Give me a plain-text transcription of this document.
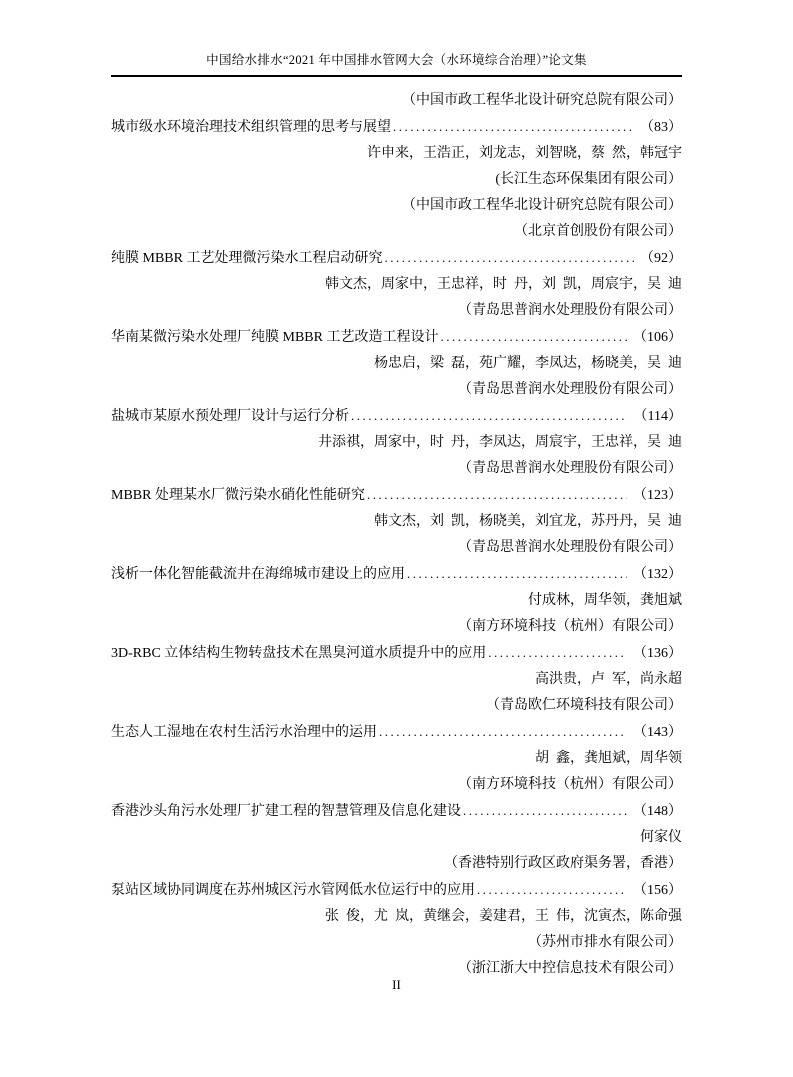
中国给水排水“2021 年中国排水管网大会（水环境综合治理）”论文集
（中国市政工程华北设计研究总院有限公司）
城市级水环境治理技术组织管理的思考与展望 .....	（83）
许申来，王浩正，刘龙志，刘智晓，蔡 然，韩冠宇
(长江生态环保集团有限公司）
（中国市政工程华北设计研究总院有限公司）
（北京首创股份有限公司）
纯膜 MBBR 工艺处理微污染水工程启动研究 .....	（92）
韩文杰，周家中，王忠祥，时 丹，刘 凯，周宸宇，吴 迪
（青岛思普润水处理股份有限公司）
华南某微污染水处理厂纯膜 MBBR 工艺改造工程设计 .....	（106）
杨忠启，梁 磊，苑广耀，李凤达，杨晓美，吴 迪
（青岛思普润水处理股份有限公司）
盐城市某原水预处理厂设计与运行分析 .....	（114）
井添祺，周家中，时 丹，李凤达，周宸宇，王忠祥，吴 迪
（青岛思普润水处理股份有限公司）
MBBR 处理某水厂微污染水硝化性能研究 .....	（123）
韩文杰，刘 凯，杨晓美，刘宜龙，苏丹丹，吴 迪
（青岛思普润水处理股份有限公司）
浅析一体化智能截流井在海绵城市建设上的应用 .....	（132）
付成林，周华领，龚旭斌
（南方环境科技（杭州）有限公司）
3D-RBC 立体结构生物转盘技术在黑臭河道水质提升中的应用 .....	（136）
高洪贵，卢 军，尚永超
（青岛欧仁环境科技有限公司）
生态人工湿地在农村生活污水治理中的运用 .....	（143）
胡 鑫，龚旭斌，周华领
（南方环境科技（杭州）有限公司）
香港沙头角污水处理厂扩建工程的智慧管理及信息化建设 .....	（148）
何家仪
（香港特别行政区政府渠务署，香港）
泵站区域协同调度在苏州城区污水管网低水位运行中的应用 .....	（156）
张 俊，尤 岚，黄继会，姜建君，王 伟，沈寅杰，陈命强
（苏州市排水有限公司）
（浙江浙大中控信息技术有限公司）
II
